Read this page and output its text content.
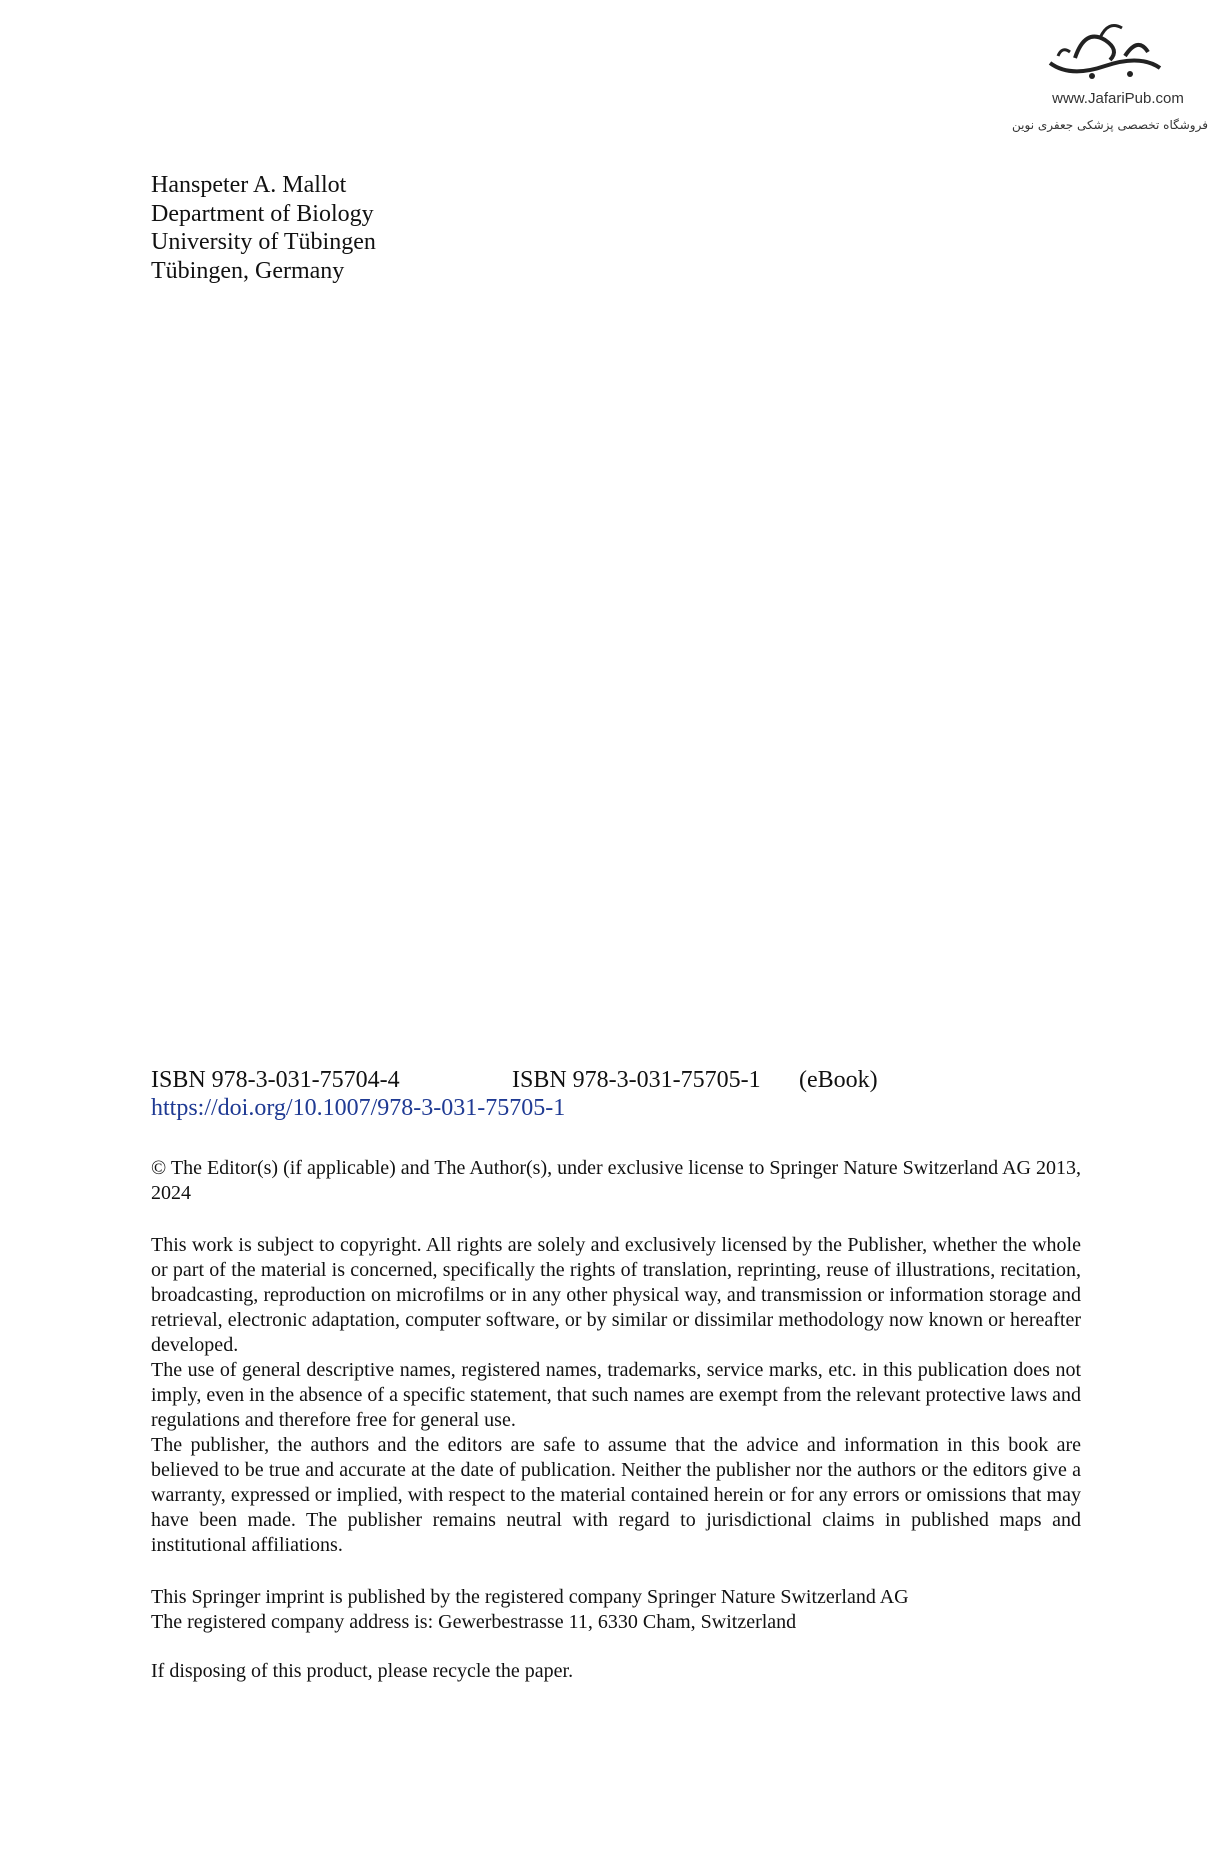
www.JafariPub.com
فروشگاه تخصصی پزشکی جعفری نوین
Hanspeter A. Mallot
Department of Biology
University of Tübingen
Tübingen, Germany
ISBN 978-3-031-75704-4	ISBN 978-3-031-75705-1 (eBook)
https://doi.org/10.1007/978-3-031-75705-1

© The Editor(s) (if applicable) and The Author(s), under exclusive license to Springer Nature Switzerland AG 2013, 2024

This work is subject to copyright. All rights are solely and exclusively licensed by the Publisher, whether the whole or part of the material is concerned, specifically the rights of translation, reprinting, reuse of illustrations, recitation, broadcasting, reproduction on microfilms or in any other physical way, and transmission or information storage and retrieval, electronic adaptation, computer software, or by similar or dissimilar methodology now known or hereafter developed.

The use of general descriptive names, registered names, trademarks, service marks, etc. in this publication does not imply, even in the absence of a specific statement, that such names are exempt from the relevant protective laws and regulations and therefore free for general use.

The publisher, the authors and the editors are safe to assume that the advice and information in this book are believed to be true and accurate at the date of publication. Neither the publisher nor the authors or the editors give a warranty, expressed or implied, with respect to the material contained herein or for any errors or omissions that may have been made. The publisher remains neutral with regard to jurisdictional claims in published maps and institutional affiliations.

This Springer imprint is published by the registered company Springer Nature Switzerland AG

The registered company address is: Gewerbestrasse 11, 6330 Cham, Switzerland

If disposing of this product, please recycle the paper.
